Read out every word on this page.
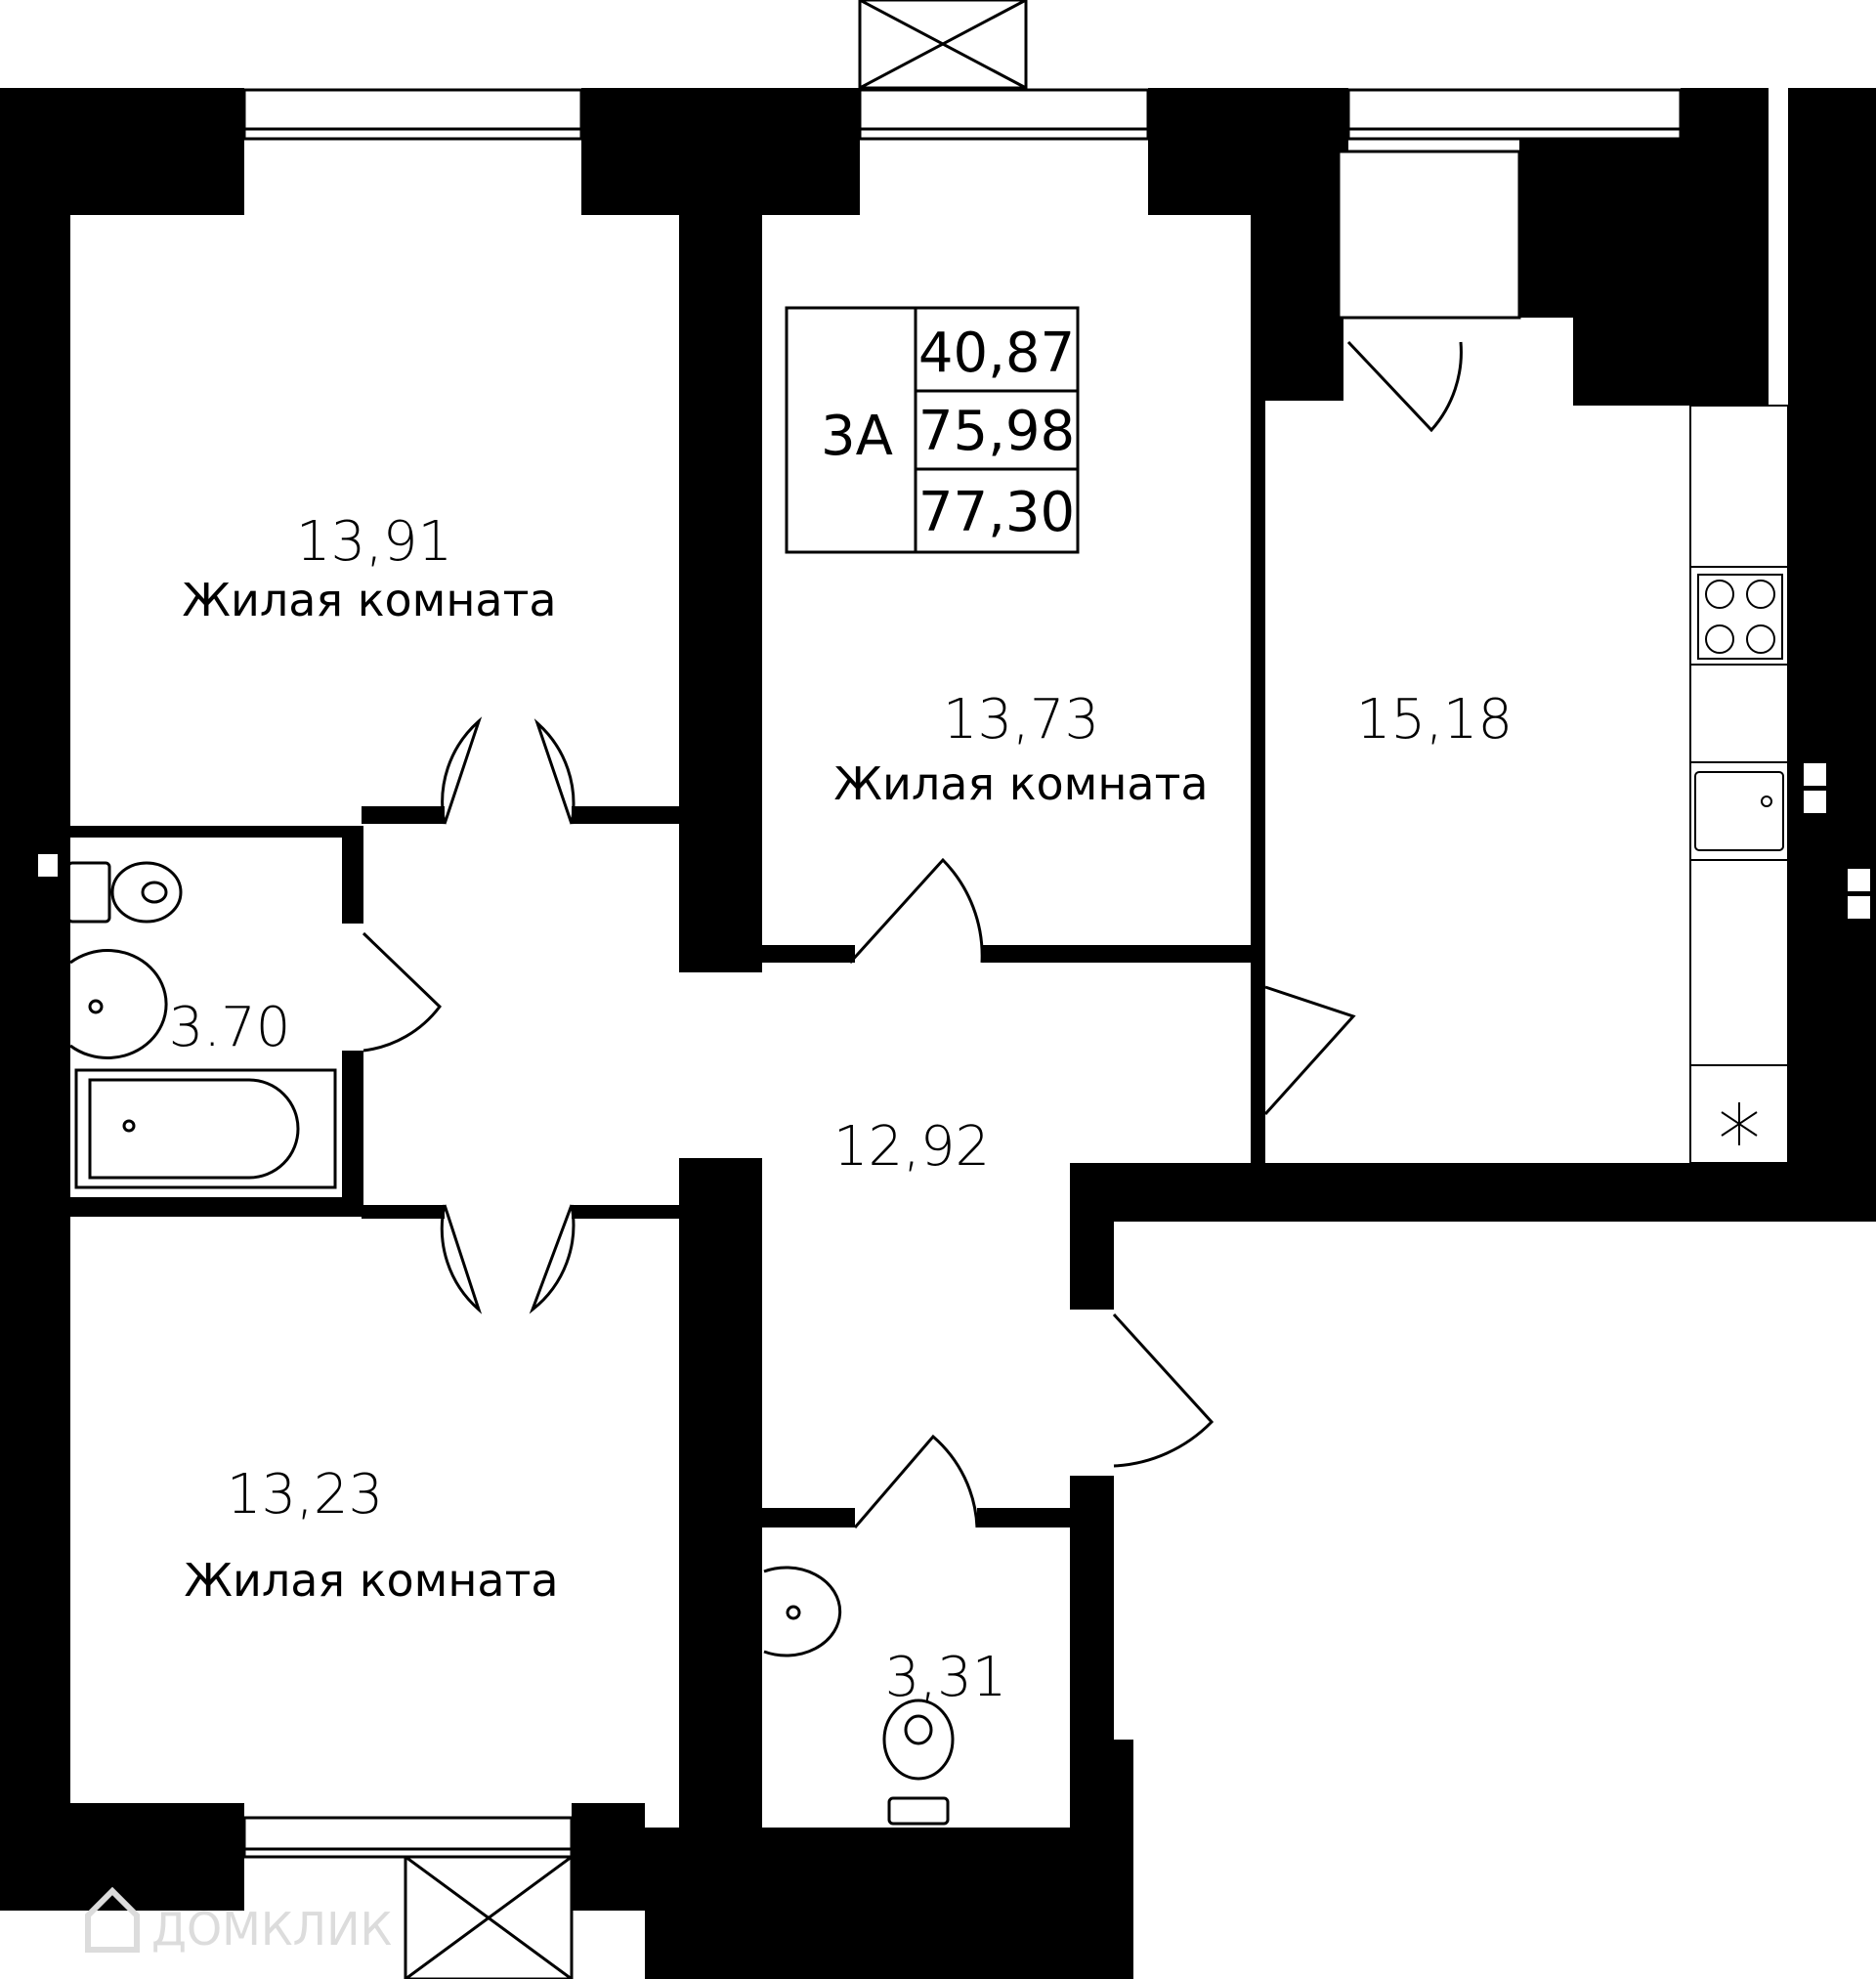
3А
40,87
75,98
77,30
1,32
(2,64)
13,91
Жилая комната
13,73
Жилая комната
13,23
Жилая комната
15,18
12,92
3.70
3,31
ДОМКЛИК
